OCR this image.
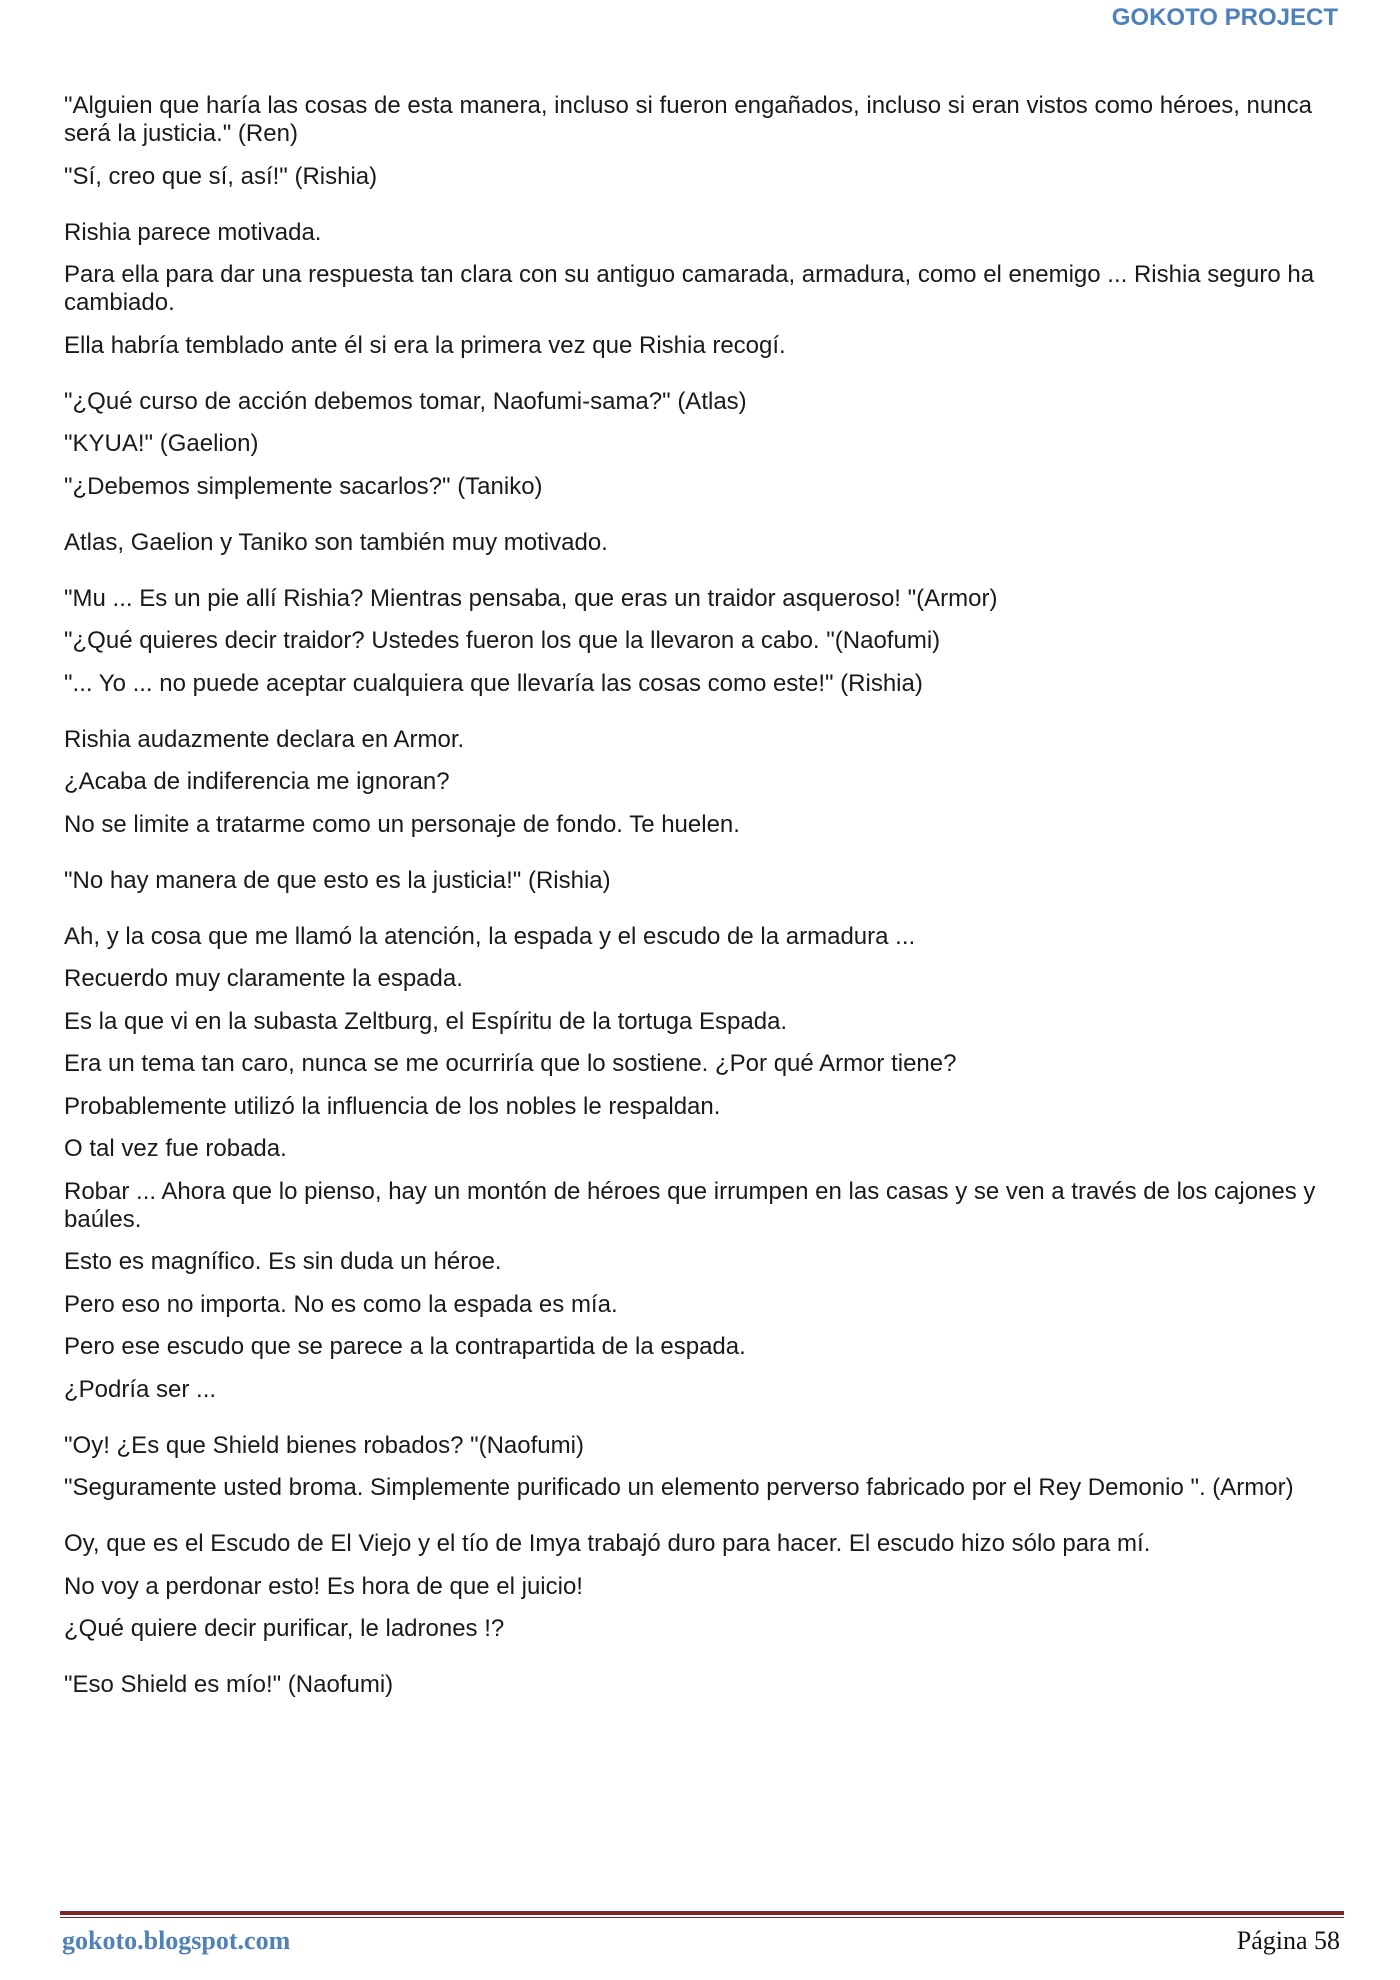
GOKOTO PROJECT

"Alguien que haría las cosas de esta manera, incluso si fueron engañados, incluso si eran vistos como héroes, nunca será la justicia." (Ren)

"Sí, creo que sí, así!" (Rishia)

Rishia parece motivada.

Para ella para dar una respuesta tan clara con su antiguo camarada, armadura, como el enemigo ... Rishia seguro ha cambiado.

Ella habría temblado ante él si era la primera vez que Rishia recogí.

"¿Qué curso de acción debemos tomar, Naofumi-sama?" (Atlas)

"KYUA!" (Gaelion)

"¿Debemos simplemente sacarlos?" (Taniko)

Atlas, Gaelion y Taniko son también muy motivado.

"Mu ... Es un pie allí Rishia? Mientras pensaba, que eras un traidor asqueroso! "(Armor)

"¿Qué quieres decir traidor? Ustedes fueron los que la llevaron a cabo. "(Naofumi)

"... Yo ... no puede aceptar cualquiera que llevaría las cosas como este!" (Rishia)

Rishia audazmente declara en Armor.

¿Acaba de indiferencia me ignoran?

No se limite a tratarme como un personaje de fondo. Te huelen.

"No hay manera de que esto es la justicia!" (Rishia)

Ah, y la cosa que me llamó la atención, la espada y el escudo de la armadura ...

Recuerdo muy claramente la espada.

Es la que vi en la subasta Zeltburg, el Espíritu de la tortuga Espada.

Era un tema tan caro, nunca se me ocurriría que lo sostiene. ¿Por qué Armor tiene?

Probablemente utilizó la influencia de los nobles le respaldan.

O tal vez fue robada.

Robar ... Ahora que lo pienso, hay un montón de héroes que irrumpen en las casas y se ven a través de los cajones y baúles.

Esto es magnífico. Es sin duda un héroe.

Pero eso no importa. No es como la espada es mía.

Pero ese escudo que se parece a la contrapartida de la espada.

¿Podría ser ...

"Oy! ¿Es que Shield bienes robados? "(Naofumi)

"Seguramente usted broma. Simplemente purificado un elemento perverso fabricado por el Rey Demonio ". (Armor)

Oy, que es el Escudo de El Viejo y el tío de Imya trabajó duro para hacer. El escudo hizo sólo para mí.

No voy a perdonar esto! Es hora de que el juicio!

¿Qué quiere decir purificar, le ladrones !?

"Eso Shield es mío!" (Naofumi)

gokoto.blogspot.com	Página 58
